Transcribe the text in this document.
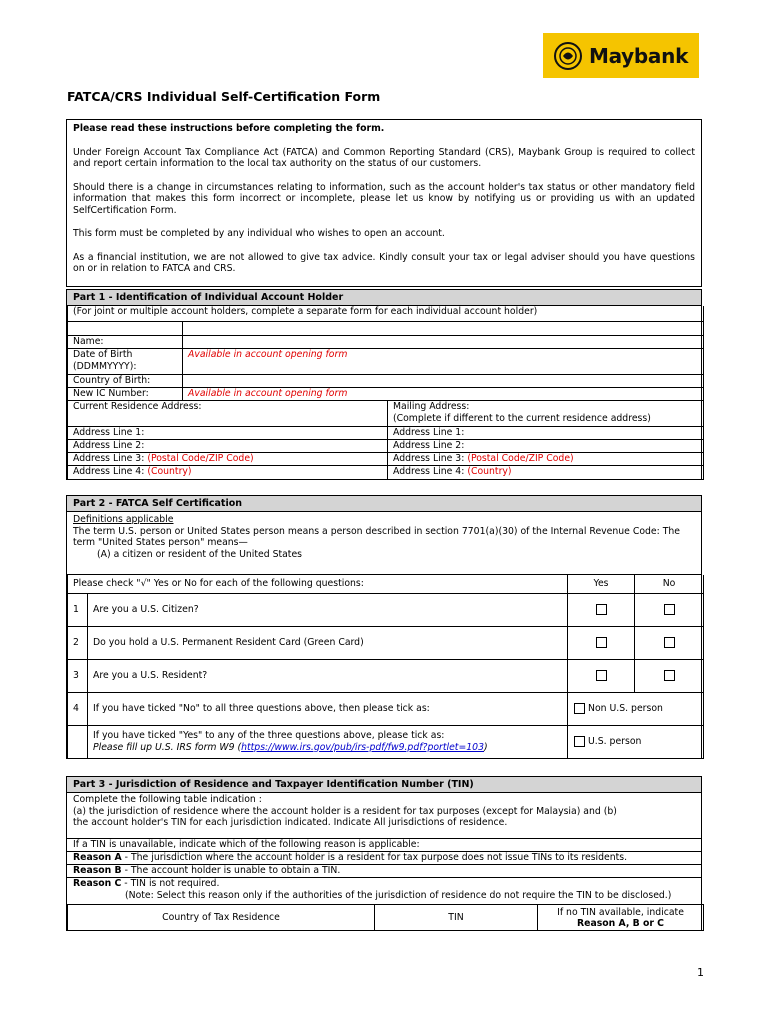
Maybank
FATCA/CRS Individual Self-Certification Form
Please read these instructions before completing the form.

Under Foreign Account Tax Compliance Act (FATCA) and Common Reporting Standard (CRS), Maybank Group is required to collect and report certain information to the local tax authority on the status of our customers.

Should there is a change in circumstances relating to information, such as the account holder's tax status or other mandatory field information that makes this form incorrect or incomplete, please let us know by notifying us or providing us with an updated SelfCertification Form.

This form must be completed by any individual who wishes to open an account.

As a financial institution, we are not allowed to give tax advice. Kindly consult your tax or legal adviser should you have questions on or in relation to FATCA and CRS.

Part 1 - Identification of Individual Account Holder
(For joint or multiple account holders, complete a separate form for each individual account holder)		

Name:		
Date of Birth (DDMMYYYY):	Available in account opening form	
Country of Birth:		
New IC Number:	Available in account opening form	
Current Residence Address:		Mailing Address:
(Complete if different to the current residence address)

Address Line 1:		Address Line 1:
Address Line 2:		Address Line 2:
Address Line 3: (Postal Code/ZIP Code)		Address Line 3: (Postal Code/ZIP Code)
Address Line 4: (Country)		Address Line 4: (Country)
Part 2 - FATCA Self Certification
Definitions applicable
The term U.S. person or United States person means a person described in section 7701(a)(30) of the Internal Revenue Code: The term "United States person" means—
(A) a citizen or resident of the United States
Please check "√" Yes or No for each of the following questions:		Yes	No
1	Are you a U.S. Citizen?		
2	Do you hold a U.S. Permanent Resident Card (Green Card)		
3	Are you a U.S. Resident?		
4	If you have ticked "No" to all three questions above, then please tick as:	Non U.S. person	

	If you have ticked "Yes" to any of the three questions above, please tick as:
Please fill up U.S. IRS form W9 (https://www.irs.gov/pub/irs-pdf/fw9.pdf?portlet=103)	U.S. person	
Part 3 - Jurisdiction of Residence and Taxpayer Identification Number (TIN)
Complete the following table indication :
(a) the jurisdiction of residence where the account holder is a resident for tax purposes (except for Malaysia) and (b)
the account holder's TIN for each jurisdiction indicated. Indicate All jurisdictions of residence.
If a TIN is unavailable, indicate which of the following reason is applicable:
Reason A - The jurisdiction where the account holder is a resident for tax purpose does not issue TINs to its residents.
Reason B - The account holder is unable to obtain a TIN.
Reason C - TIN is not required.
(Note: Select this reason only if the authorities of the jurisdiction of residence do not require the TIN to be disclosed.)
Country of Tax Residence	TIN	If no TIN available, indicate
Reason A, B or C
1
